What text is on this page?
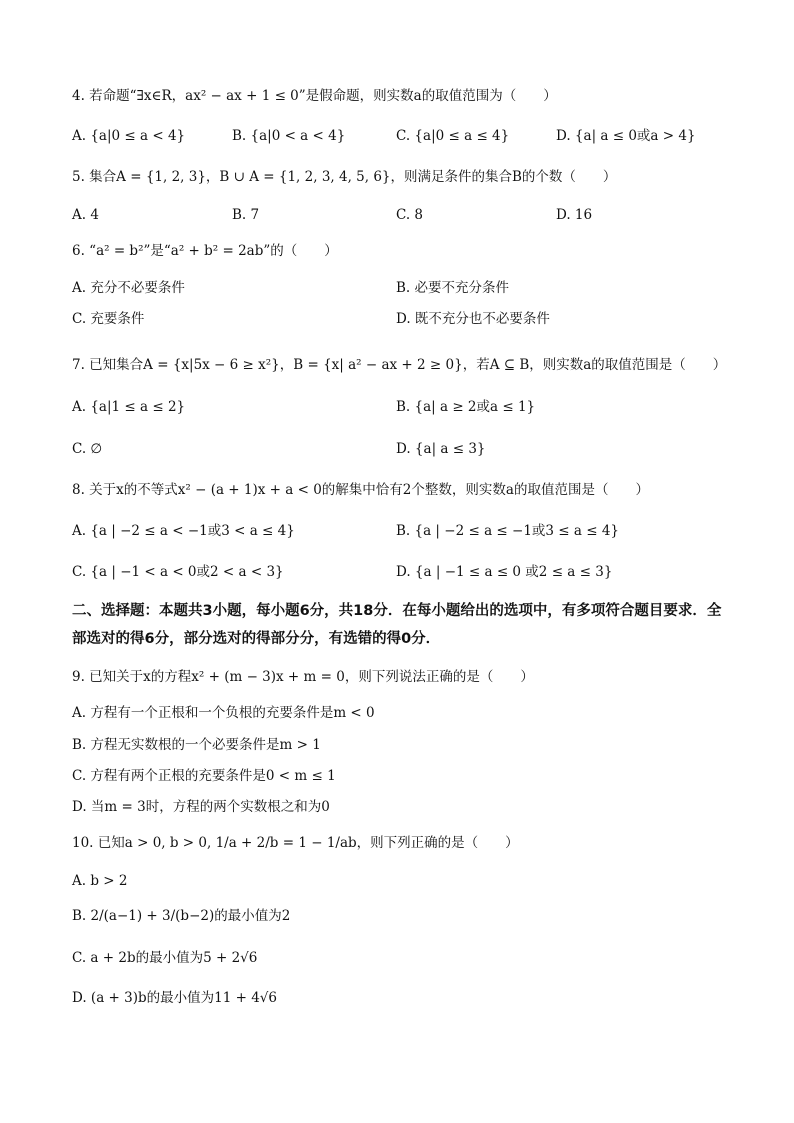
4. 若命题“∃x∈R，ax² − ax + 1 ≤ 0”是假命题，则实数a的取值范围为（　　）
A. {a|0 ≤ a < 4}	B. {a|0 < a < 4}	C. {a|0 ≤ a ≤ 4}	D. {a| a ≤ 0或a > 4}
5. 集合A = {1, 2, 3}，B ∪ A = {1, 2, 3, 4, 5, 6}，则满足条件的集合B的个数（　　）
A. 4	B. 7	C. 8	D. 16
6. “a² = b²”是“a² + b² = 2ab”的（　　）
A. 充分不必要条件	B. 必要不充分条件
C. 充要条件	D. 既不充分也不必要条件
7. 已知集合A = {x|5x − 6 ≥ x²}，B = {x| a² − ax + 2 ≥ 0}，若A ⊆ B，则实数a的取值范围是（　　）
A. {a|1 ≤ a ≤ 2}	B. {a| a ≥ 2或a ≤ 1}
C. ∅	D. {a| a ≤ 3}
8. 关于x的不等式x² − (a + 1)x + a < 0的解集中恰有2个整数，则实数a的取值范围是（　　）
A. {a | −2 ≤ a < −1或3 < a ≤ 4}	B. {a | −2 ≤ a ≤ −1或3 ≤ a ≤ 4}
C. {a | −1 < a < 0或2 < a < 3}	D. {a | −1 ≤ a ≤ 0 或2 ≤ a ≤ 3}
二、选择题：本题共3小题，每小题6分，共18分．在每小题给出的选项中，有多项符合题目要求．全部选对的得6分，部分选对的得部分分，有选错的得0分．
9. 已知关于x的方程x² + (m − 3)x + m = 0，则下列说法正确的是（　　）
A. 方程有一个正根和一个负根的充要条件是m < 0
B. 方程无实数根的一个必要条件是m > 1
C. 方程有两个正根的充要条件是0 < m ≤ 1
D. 当m = 3时，方程的两个实数根之和为0
10. 已知a > 0, b > 0, 1/a + 2/b = 1 − 1/ab，则下列正确的是（　　）
A. b > 2
B. 2/(a−1) + 3/(b−2)的最小值为2
C. a + 2b的最小值为5 + 2√6
D. (a + 3)b的最小值为11 + 4√6
